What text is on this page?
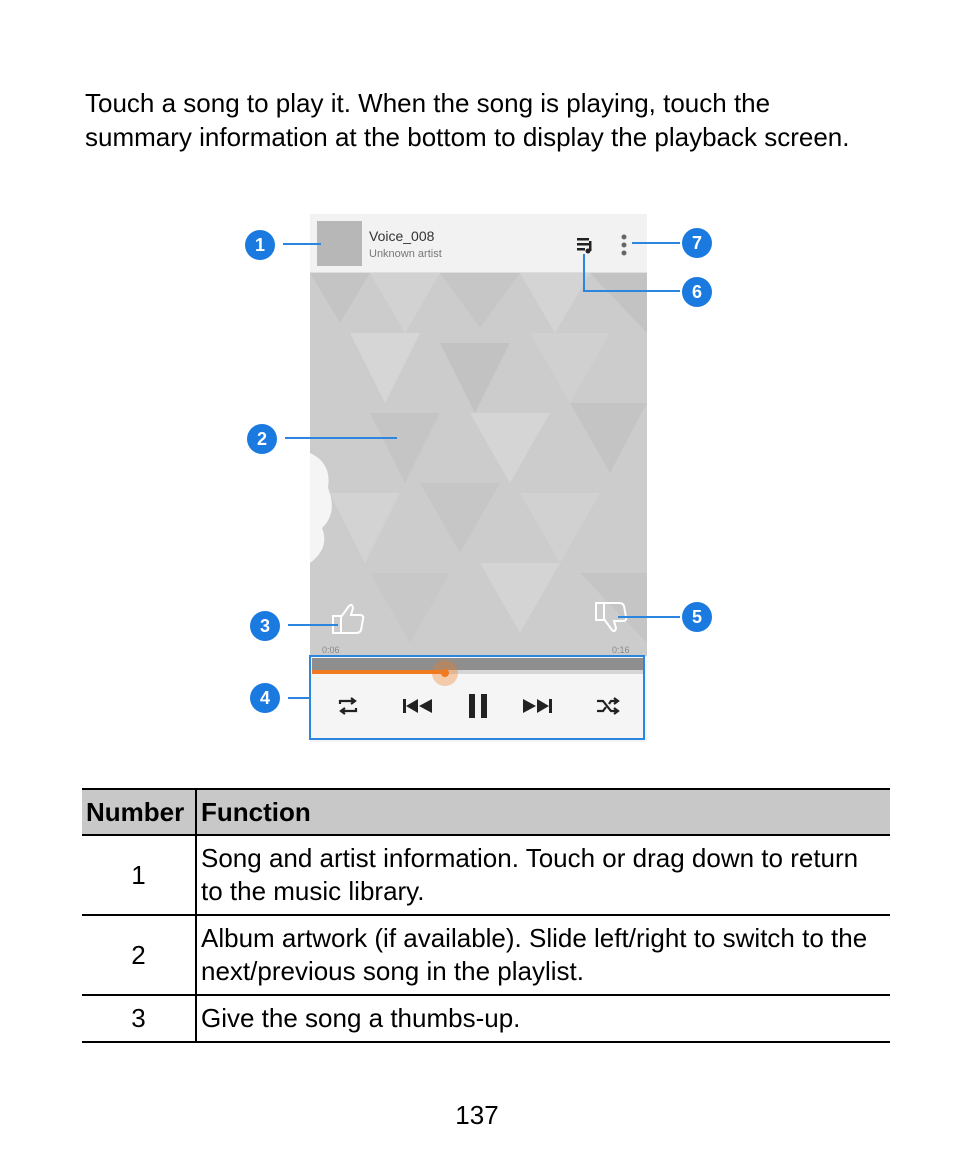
Touch a song to play it. When the song is playing, touch the summary information at the bottom to display the playback screen.

Voice_008
Unknown artist
0:06	0:16
1
2
3
4
5
6
7
Number	Function
1	Song and artist information. Touch or drag down to return to the music library.
2	Album artwork (if available). Slide left/right to switch to the next/previous song in the playlist.
3	Give the song a thumbs-up.
137
